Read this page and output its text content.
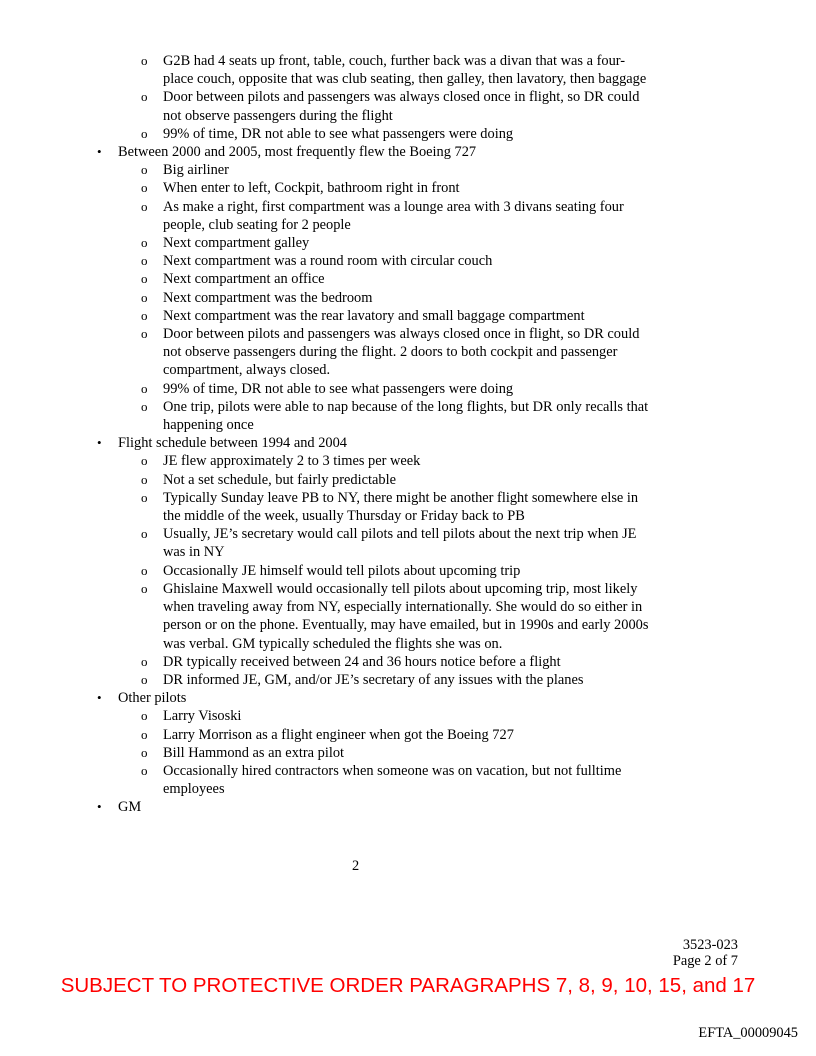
o G2B had 4 seats up front, table, couch, further back was a divan that was a four-place couch, opposite that was club seating, then galley, then lavatory, then baggage
o Door between pilots and passengers was always closed once in flight, so DR could not observe passengers during the flight
o 99% of time, DR not able to see what passengers were doing
• Between 2000 and 2005, most frequently flew the Boeing 727
o Big airliner
o When enter to left, Cockpit, bathroom right in front
o As make a right, first compartment was a lounge area with 3 divans seating four people, club seating for 2 people
o Next compartment galley
o Next compartment was a round room with circular couch
o Next compartment an office
o Next compartment was the bedroom
o Next compartment was the rear lavatory and small baggage compartment
o Door between pilots and passengers was always closed once in flight, so DR could not observe passengers during the flight. 2 doors to both cockpit and passenger compartment, always closed.
o 99% of time, DR not able to see what passengers were doing
o One trip, pilots were able to nap because of the long flights, but DR only recalls that happening once
• Flight schedule between 1994 and 2004
o JE flew approximately 2 to 3 times per week
o Not a set schedule, but fairly predictable
o Typically Sunday leave PB to NY, there might be another flight somewhere else in the middle of the week, usually Thursday or Friday back to PB
o Usually, JE’s secretary would call pilots and tell pilots about the next trip when JE was in NY
o Occasionally JE himself would tell pilots about upcoming trip
o Ghislaine Maxwell would occasionally tell pilots about upcoming trip, most likely when traveling away from NY, especially internationally. She would do so either in person or on the phone. Eventually, may have emailed, but in 1990s and early 2000s was verbal. GM typically scheduled the flights she was on.
o DR typically received between 24 and 36 hours notice before a flight
o DR informed JE, GM, and/or JE’s secretary of any issues with the planes
• Other pilots
o Larry Visoski
o Larry Morrison as a flight engineer when got the Boeing 727
o Bill Hammond as an extra pilot
o Occasionally hired contractors when someone was on vacation, but not fulltime employees
• GM
2
3523-023
Page 2 of 7
SUBJECT TO PROTECTIVE ORDER PARAGRAPHS 7, 8, 9, 10, 15, and 17
EFTA_00009045
